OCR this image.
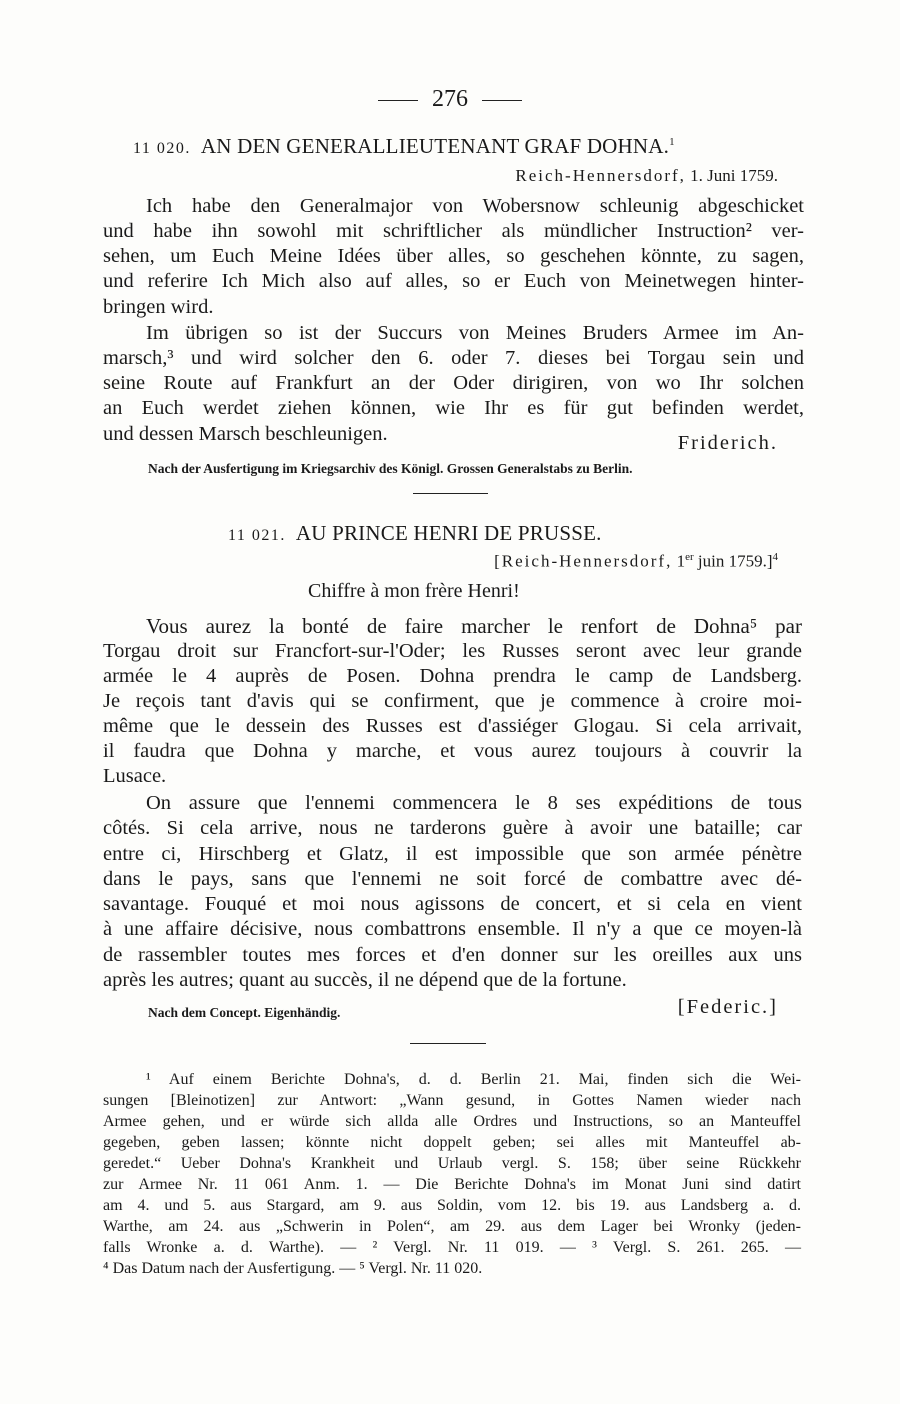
276
11 020. AN DEN GENERALLIEUTENANT GRAF DOHNA.$^1$
Reich-Hennersdorf, 1. Juni 1759.
Ich habe den Generalmajor von Wobersnow schleunig abgeschicket
und habe ihn sowohl mit schriftlicher als mündlicher Instruction² ver-
sehen, um Euch Meine Idées über alles, so geschehen könnte, zu sagen,
und referire Ich Mich also auf alles, so er Euch von Meinetwegen hinter-
bringen wird.
Im übrigen so ist der Succurs von Meines Bruders Armee im An-
marsch,³ und wird solcher den 6. oder 7. dieses bei Torgau sein und
seine Route auf Frankfurt an der Oder dirigiren, von wo Ihr solchen
an Euch werdet ziehen können, wie Ihr es für gut befinden werdet,
und dessen Marsch beschleunigen.	Friderich.
Nach der Ausfertigung im Kriegsarchiv des Königl. Grossen Generalstabs zu Berlin.
11 021. AU PRINCE HENRI DE PRUSSE.
[Reich-Hennersdorf, 1er juin 1759.]$^4$
Chiffre à mon frère Henri!
Vous aurez la bonté de faire marcher le renfort de Dohna⁵ par
Torgau droit sur Francfort-sur-l'Oder; les Russes seront avec leur grande
armée le 4 auprès de Posen. Dohna prendra le camp de Landsberg.
Je reçois tant d'avis qui se confirment, que je commence à croire moi-
même que le dessein des Russes est d'assiéger Glogau. Si cela arrivait,
il faudra que Dohna y marche, et vous aurez toujours à couvrir la
Lusace.
On assure que l'ennemi commencera le 8 ses expéditions de tous
côtés. Si cela arrive, nous ne tarderons guère à avoir une bataille; car
entre ci, Hirschberg et Glatz, il est impossible que son armée pénètre
dans le pays, sans que l'ennemi ne soit forcé de combattre avec dé-
savantage. Fouqué et moi nous agissons de concert, et si cela en vient
à une affaire décisive, nous combattrons ensemble. Il n'y a que ce moyen-là
de rassembler toutes mes forces et d'en donner sur les oreilles aux uns
après les autres; quant au succès, il ne dépend que de la fortune.
Nach dem Concept. Eigenhändig.	[Federic.]
¹ Auf einem Berichte Dohna's, d. d. Berlin 21. Mai, finden sich die Wei-
sungen [Bleinotizen] zur Antwort: „Wann gesund, in Gottes Namen wieder nach
Armee gehen, und er würde sich allda alle Ordres und Instructions, so an Manteuffel
gegeben, geben lassen; könnte nicht doppelt geben; sei alles mit Manteuffel ab-
geredet.“ Ueber Dohna's Krankheit und Urlaub vergl. S. 158; über seine Rückkehr
zur Armee Nr. 11 061 Anm. 1. — Die Berichte Dohna's im Monat Juni sind datirt
am 4. und 5. aus Stargard, am 9. aus Soldin, vom 12. bis 19. aus Landsberg a. d.
Warthe, am 24. aus „Schwerin in Polen“, am 29. aus dem Lager bei Wronky (jeden-
falls Wronke a. d. Warthe). — ² Vergl. Nr. 11 019. — ³ Vergl. S. 261. 265. —
⁴ Das Datum nach der Ausfertigung. — ⁵ Vergl. Nr. 11 020.
